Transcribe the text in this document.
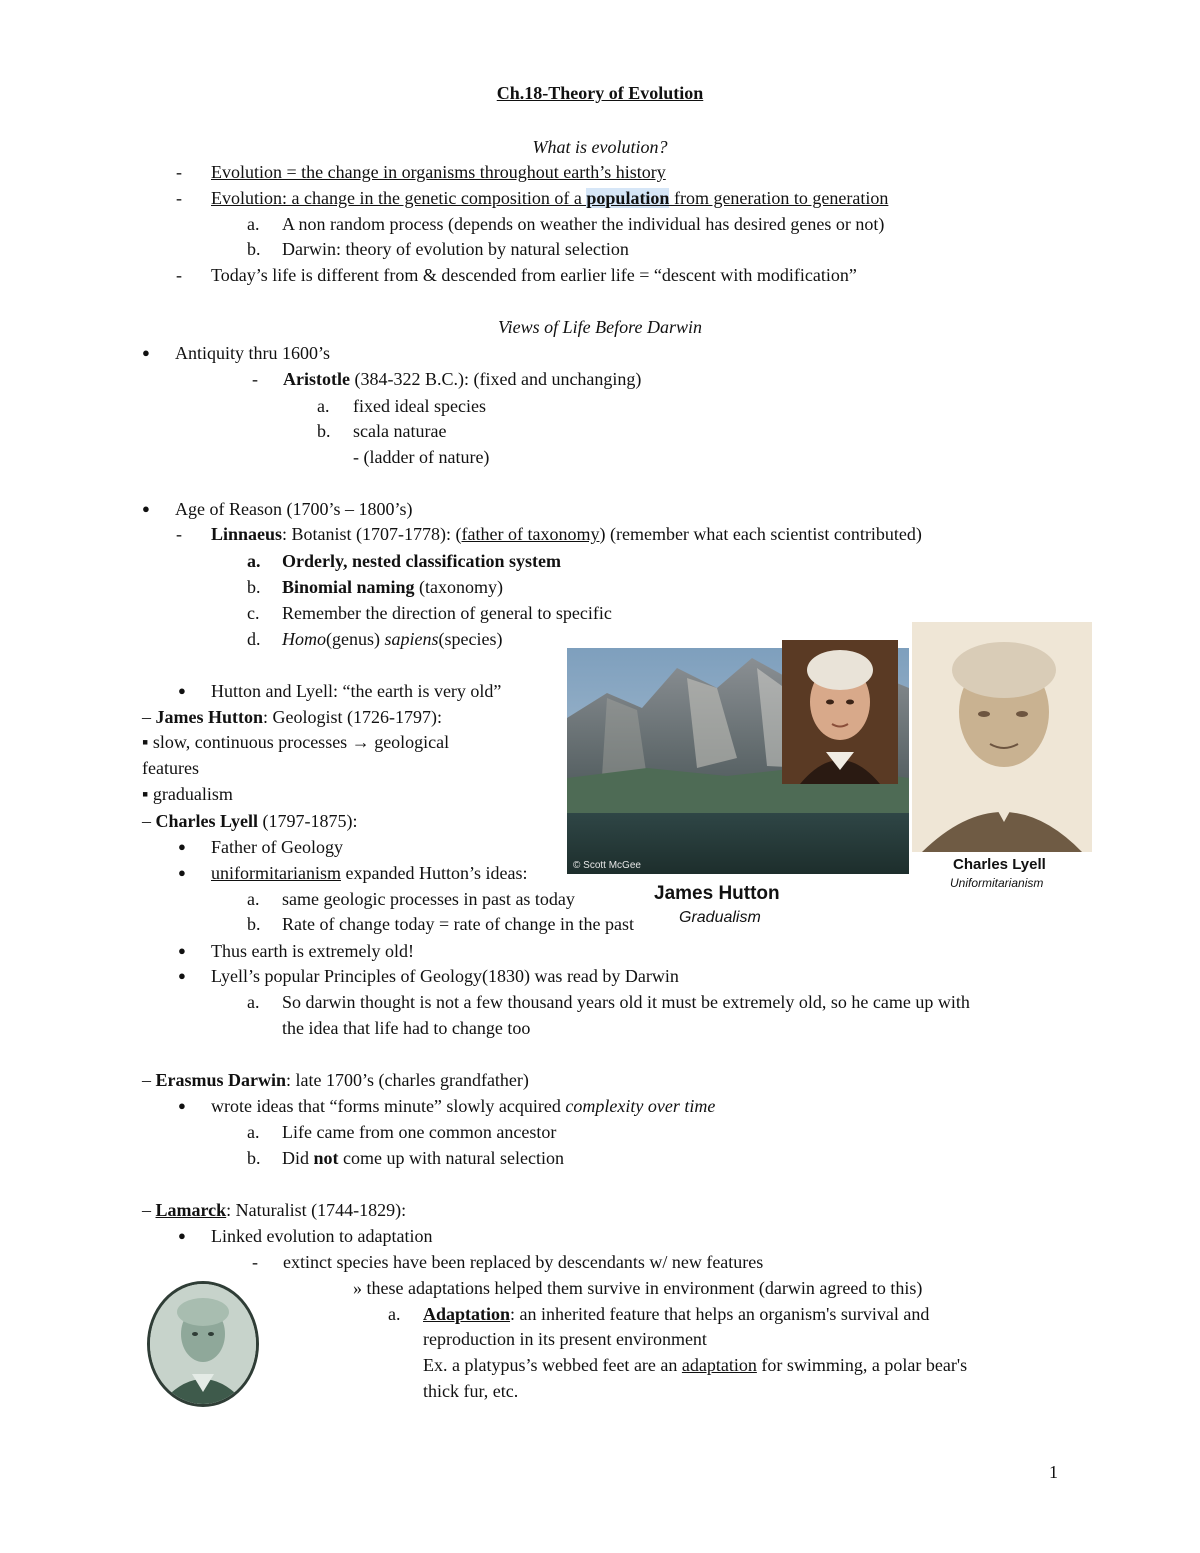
Ch.18-Theory of Evolution
What is evolution?
- Evolution = the change in organisms throughout earth’s history
- Evolution: a change in the genetic composition of a population from generation to generation
a. A non random process (depends on weather the individual has desired genes or not)
b. Darwin: theory of evolution by natural selection
- Today’s life is different from & descended from earlier life = “descent with modification”
Views of Life Before Darwin
● Antiquity thru 1600’s
- Aristotle (384-322 B.C.): (fixed and unchanging)
a. fixed ideal species
b. scala naturae
- (ladder of nature)
● Age of Reason (1700’s – 1800’s)
- Linnaeus: Botanist (1707-1778): (father of taxonomy) (remember what each scientist contributed)
a. Orderly, nested classification system
b. Binomial naming (taxonomy)
c. Remember the direction of general to specific
d. Homo(genus) sapiens(species)
● Hutton and Lyell: “the earth is very old”
– James Hutton: Geologist (1726-1797):
▪ slow, continuous processes → geological
features
▪ gradualism
– Charles Lyell (1797-1875):
● Father of Geology
● uniformitarianism expanded Hutton’s ideas:
a. same geologic processes in past as today
b. Rate of change today = rate of change in the past
● Thus earth is extremely old!
● Lyell’s popular Principles of Geology(1830) was read by Darwin
a. So darwin thought is not a few thousand years old it must be extremely old, so he came up with
the idea that life had to change too
– Erasmus Darwin: late 1700’s (charles grandfather)
● wrote ideas that “forms minute” slowly acquired complexity over time
a. Life came from one common ancestor
b. Did not come up with natural selection
– Lamarck: Naturalist (1744-1829):
● Linked evolution to adaptation
- extinct species have been replaced by descendants w/ new features
» these adaptations helped them survive in environment (darwin agreed to this)
a. Adaptation: an inherited feature that helps an organism's survival and
reproduction in its present environment
Ex. a platypus’s webbed feet are an adaptation for swimming, a polar bear's
thick fur, etc.
© Scott McGee
James Hutton
Gradualism
Charles Lyell
Uniformitarianism
1
